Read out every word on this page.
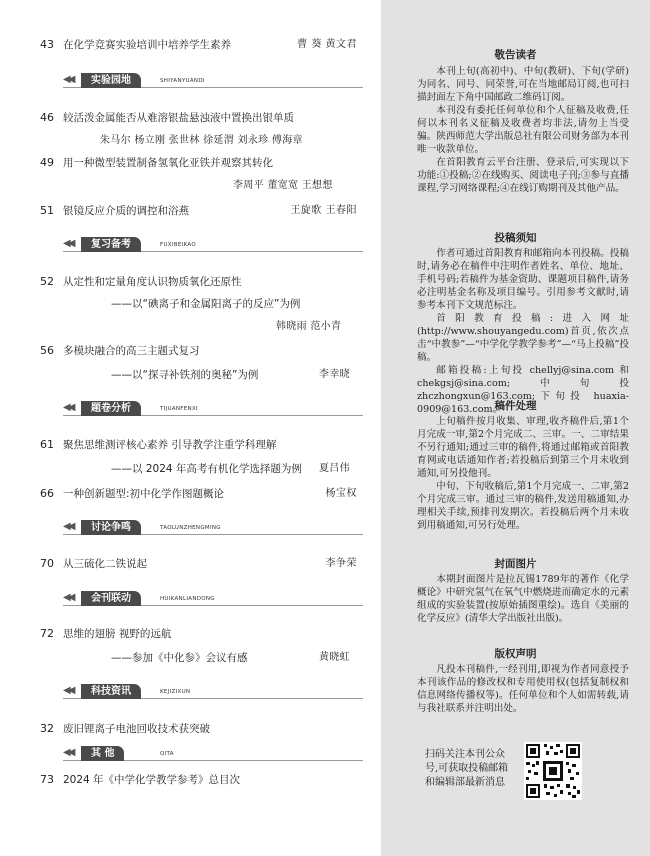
43 在化学竞赛实验培训中培养学生素养	曹 葵 黄文君
◀◀	实验园地	SHIYANYUANDI
46 较活泼金属能否从难溶银盐悬浊液中置换出银单质
朱马尔 杨立刚 张世林 徐延渭 刘永珍 傅海章
49 用一种微型装置制备氢氧化亚铁并观察其转化
李周平 董宽宽 王想想
51 银镜反应介质的调控和浴燕	王旋歌 王春阳
◀◀	复习备考	FUXIBEIKAO
52 从定性和定量角度认识物质氧化还原性
——以“碘离子和金属阳离子的反应”为例
韩晓雨 范小青
56 多模块融合的高三主题式复习
——以“探寻补铁剂的奥秘”为例	李幸晓
◀◀	题卷分析	TIJUANFENXI
61 聚焦思维测评核心素养 引导教学注重学科理解
——以 2024 年高考有机化学选择题为例 夏吕伟
66 一种创新题型:初中化学作图题概论	杨宝权
◀◀	讨论争鸣	TAOLUNZHENGMING
70 从三硫化二铁说起	李争荣
◀◀	会刊联动	HUIKANLIANDONG
72 思维的翅膀 视野的远航
——参加《中化参》会议有感	黄晓虹
◀◀	科技资讯	KEJIZIXUN
32 废旧锂离子电池回收技术获突破
◀◀	其 他	QITA
73 2024 年《中学化学教学参考》总目次
敬告读者

本刊上旬(高初中)、中旬(教研)、下旬(学研)为同名、同号、同荣誉,可在当地邮局订阅,也可扫描封面左下角中国邮政二维码订阅。

本刊没有委托任何单位和个人征稿及收费,任何以本刊名义征稿及收费者均非法,请勿上当受骗。陕西师范大学出版总社有限公司财务部为本刊唯一收款单位。

在首阳教育云平台注册、登录后,可实现以下功能:①投稿;②在线购买、阅读电子刊;③参与直播课程,学习网络课程;④在线订购期刊及其他产品。

投稿须知

作者可通过首阳教育和邮箱向本刊投稿。投稿时,请务必在稿件中注明作者姓名、单位、地址、手机号码;若稿件为基金资助、课题项目稿件,请务必注明基金名称及项目编号。引用参考文献时,请参考本刊下文规范标注。

首阳教育投稿:进入网址(http://www.shouyangedu.com)首页,依次点击“中教参”—“中学化学教学参考”—“马上投稿”投稿。

邮箱投稿:上旬投 chellyj@sina.com 和 chekgsj@sina.com;中旬投 zhczhongxun@163.com;下旬投 huaxia-0909@163.com。

稿件处理

上旬稿件按月收集、审理,收齐稿件后,第1个月完成一审,第2个月完成二、三审。一、二审结果不另行通知;通过三审的稿件,将通过邮箱或首阳教育网或电话通知作者;若投稿后到第三个月未收到通知,可另投他刊。

中旬、下旬收稿后,第1个月完成一、二审,第2个月完成三审。通过三审的稿件,发送用稿通知,办理相关手续,预排刊发期次。若投稿后两个月未收到用稿通知,可另行处理。

封面图片

本期封面图片是拉瓦锡1789年的著作《化学概论》中研究氢气在氧气中燃烧进而确定水的元素组成的实验装置(按原始插图重绘)。选自《美丽的化学反应》(清华大学出版社出版)。

版权声明

凡投本刊稿件,一经刊用,即视为作者同意授予本刊该作品的修改权和专用使用权(包括复制权和信息网络传播权等)。任何单位和个人如需转载,请与我社联系并注明出处。

扫码关注本刊公众号,可获取投稿邮箱和编辑部最新消息
